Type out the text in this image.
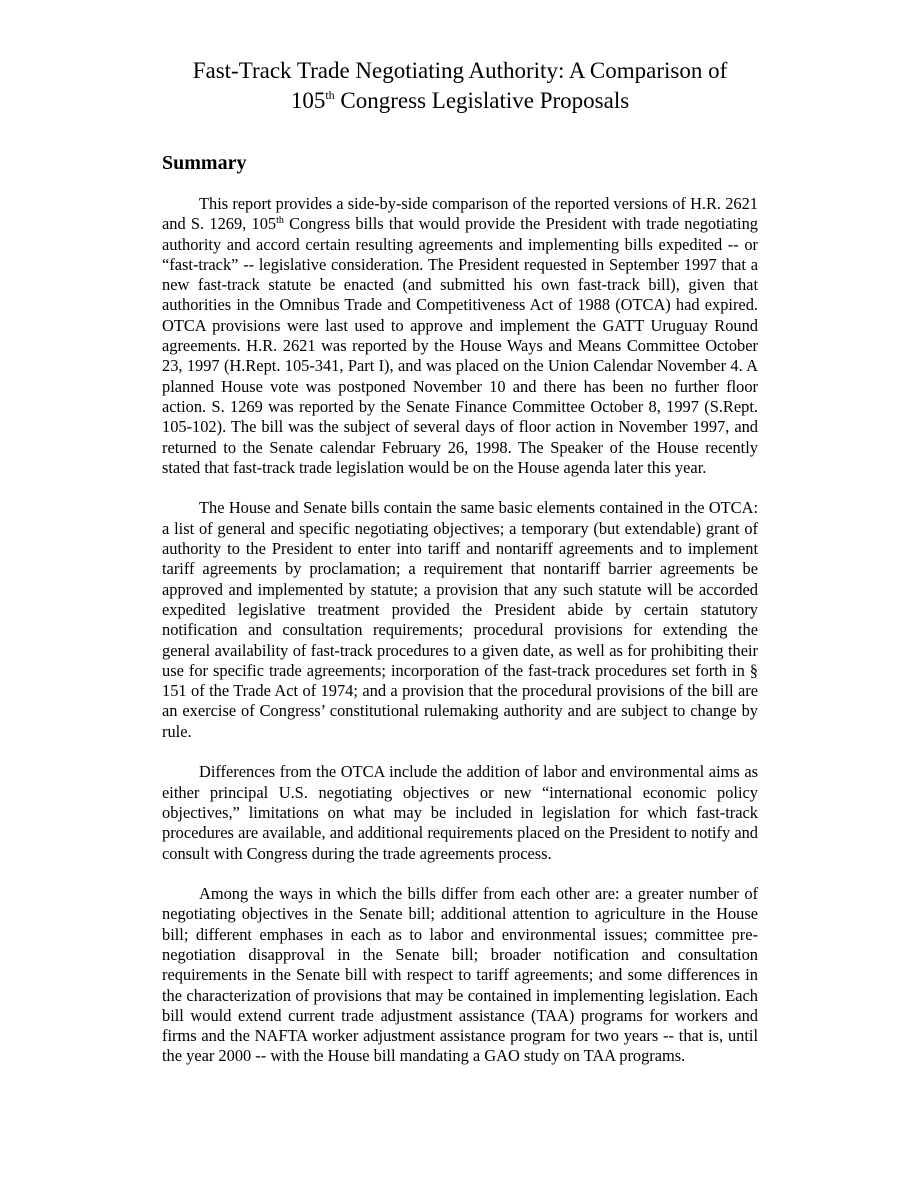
Fast-Track Trade Negotiating Authority: A Comparison of
105th Congress Legislative Proposals
Summary

This report provides a side-by-side comparison of the reported versions of H.R. 2621 and S. 1269, 105th Congress bills that would provide the President with trade negotiating authority and accord certain resulting agreements and implementing bills expedited -- or “fast-track” -- legislative consideration. The President requested in September 1997 that a new fast-track statute be enacted (and submitted his own fast-track bill), given that authorities in the Omnibus Trade and Competitiveness Act of 1988 (OTCA) had expired. OTCA provisions were last used to approve and implement the GATT Uruguay Round agreements. H.R. 2621 was reported by the House Ways and Means Committee October 23, 1997 (H.Rept. 105-341, Part I), and was placed on the Union Calendar November 4. A planned House vote was postponed November 10 and there has been no further floor action. S. 1269 was reported by the Senate Finance Committee October 8, 1997 (S.Rept. 105-102). The bill was the subject of several days of floor action in November 1997, and returned to the Senate calendar February 26, 1998. The Speaker of the House recently stated that fast-track trade legislation would be on the House agenda later this year.

The House and Senate bills contain the same basic elements contained in the OTCA: a list of general and specific negotiating objectives; a temporary (but extendable) grant of authority to the President to enter into tariff and nontariff agreements and to implement tariff agreements by proclamation; a requirement that nontariff barrier agreements be approved and implemented by statute; a provision that any such statute will be accorded expedited legislative treatment provided the President abide by certain statutory notification and consultation requirements; procedural provisions for extending the general availability of fast-track procedures to a given date, as well as for prohibiting their use for specific trade agreements; incorporation of the fast-track procedures set forth in § 151 of the Trade Act of 1974; and a provision that the procedural provisions of the bill are an exercise of Congress’ constitutional rulemaking authority and are subject to change by rule.

Differences from the OTCA include the addition of labor and environmental aims as either principal U.S. negotiating objectives or new “international economic policy objectives,” limitations on what may be included in legislation for which fast-track procedures are available, and additional requirements placed on the President to notify and consult with Congress during the trade agreements process.

Among the ways in which the bills differ from each other are: a greater number of negotiating objectives in the Senate bill; additional attention to agriculture in the House bill; different emphases in each as to labor and environmental issues; committee pre-negotiation disapproval in the Senate bill; broader notification and consultation requirements in the Senate bill with respect to tariff agreements; and some differences in the characterization of provisions that may be contained in implementing legislation. Each bill would extend current trade adjustment assistance (TAA) programs for workers and firms and the NAFTA worker adjustment assistance program for two years -- that is, until the year 2000 -- with the House bill mandating a GAO study on TAA programs.
